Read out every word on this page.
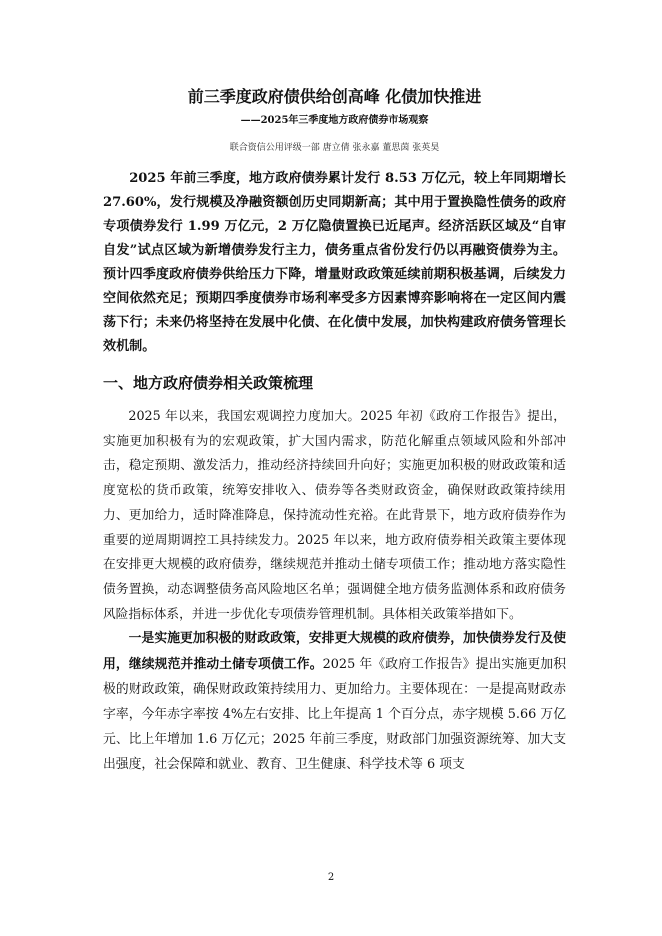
前三季度政府债供给创高峰 化债加快推进
——2025年三季度地方政府债券市场观察
联合资信公用评级一部 唐立倩 张永嘉 董思茵 张英昊

2025 年前三季度，地方政府债券累计发行 8.53 万亿元，较上年同期增长 27.60%，发行规模及净融资额创历史同期新高；其中用于置换隐性债务的政府专项债券发行 1.99 万亿元，2 万亿隐债置换已近尾声。经济活跃区域及“自审自发”试点区域为新增债券发行主力，债务重点省份发行仍以再融资债券为主。预计四季度政府债券供给压力下降，增量财政政策延续前期积极基调，后续发力空间依然充足；预期四季度债券市场利率受多方因素博弈影响将在一定区间内震荡下行；未来仍将坚持在发展中化债、在化债中发展，加快构建政府债务管理长效机制。

一、地方政府债券相关政策梳理

2025 年以来，我国宏观调控力度加大。2025 年初《政府工作报告》提出，实施更加积极有为的宏观政策，扩大国内需求，防范化解重点领域风险和外部冲击，稳定预期、激发活力，推动经济持续回升向好；实施更加积极的财政政策和适度宽松的货币政策，统筹安排收入、债券等各类财政资金，确保财政政策持续用力、更加给力，适时降准降息，保持流动性充裕。在此背景下，地方政府债券作为重要的逆周期调控工具持续发力。2025 年以来，地方政府债券相关政策主要体现在安排更大规模的政府债券，继续规范并推动土储专项债工作；推动地方落实隐性债务置换，动态调整债务高风险地区名单；强调健全地方债务监测体系和政府债务风险指标体系，并进一步优化专项债券管理机制。具体相关政策举措如下。

一是实施更加积极的财政政策，安排更大规模的政府债券，加快债券发行及使用，继续规范并推动土储专项债工作。2025 年《政府工作报告》提出实施更加积极的财政政策，确保财政政策持续用力、更加给力。主要体现在：一是提高财政赤字率，今年赤字率按 4%左右安排、比上年提高 1 个百分点，赤字规模 5.66 万亿元、比上年增加 1.6 万亿元；2025 年前三季度，财政部门加强资源统筹、加大支出强度，社会保障和就业、教育、卫生健康、科学技术等 6 项支

2
